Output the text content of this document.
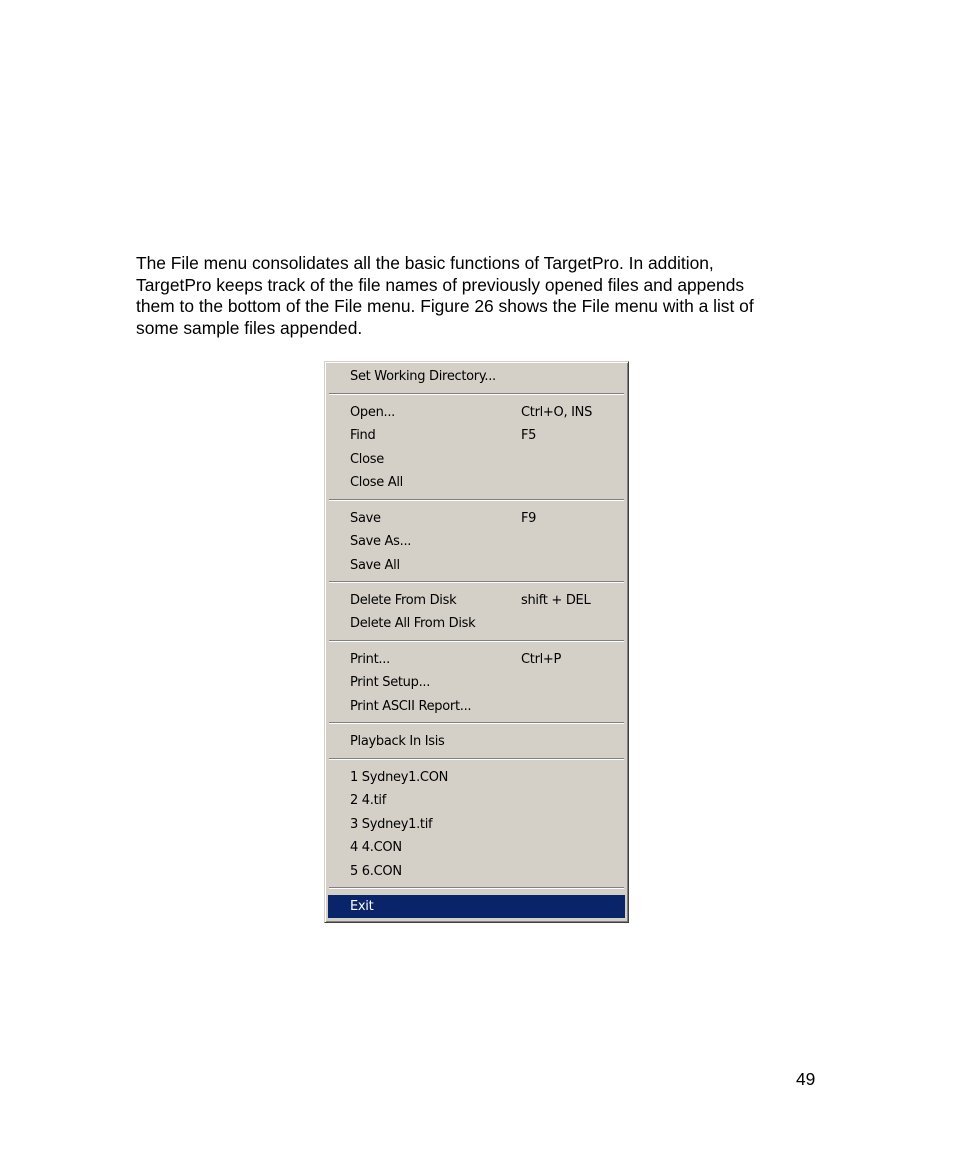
The File menu consolidates all the basic functions of TargetPro. In addition,
TargetPro keeps track of the file names of previously opened files and appends
them to the bottom of the File menu. Figure 26 shows the File menu with a list of
some sample files appended.
Set Working Directory...
Open...	Ctrl+O, INS
Find	F5
Close
Close All
Save	F9
Save As...
Save All
Delete From Disk	shift + DEL
Delete All From Disk
Print...	Ctrl+P
Print Setup...
Print ASCII Report...
Playback In Isis
1 Sydney1.CON
2 4.tif
3 Sydney1.tif
4 4.CON
5 6.CON
Exit
49
